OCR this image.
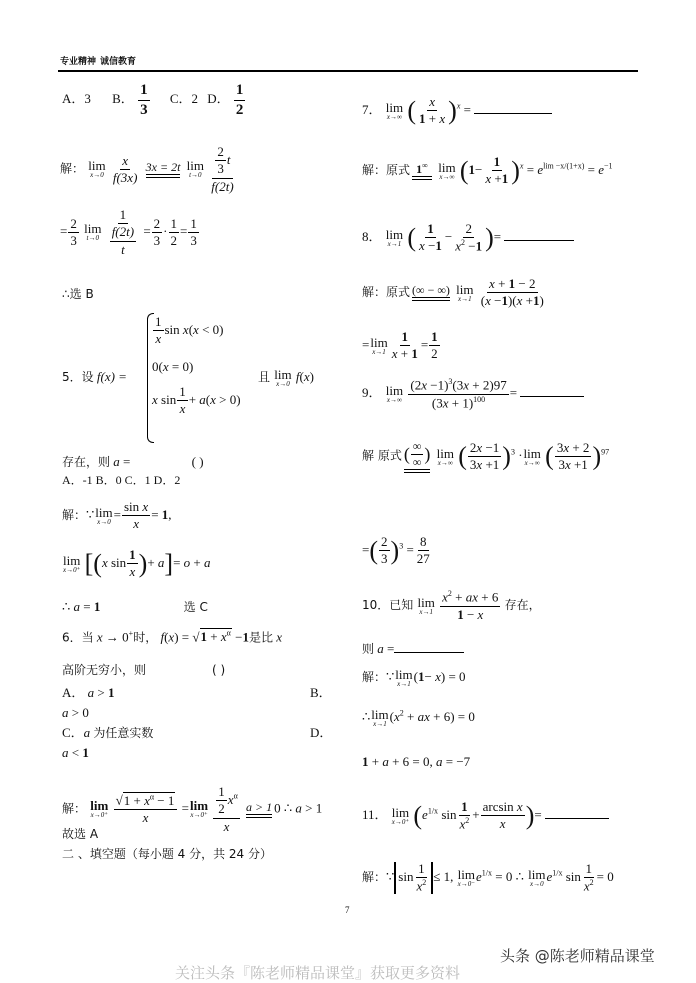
专业精神 诚信教育
A．3 B． $\frac{1}{3}$ C．2 D． $\frac{1}{2}$
解： lim
x→0
$\frac{x}{f(3x)}$
3x = 2t
lim
t→0
$\frac{\frac{2}{3} t}{f(2t)}$
= $\frac{2}{3}$
lim
t→0
$\frac{1}{\frac{f(2t)}{t}} = \frac{2}{3} \cdot \frac{1}{2} = \frac{1}{3}$
∴选 B
5．设 f(x) =
$\frac{1}{x}$ sin x(x < 0)
0(x = 0)
x $\sin \frac{1}{x} + a(x > 0)$
且 lim
x→0
f(x)
存在，则 a =	( )
A．-1 B．0 C．1 D．2
解：∵ lim
x→0
= $\frac{\text{sin x}}{x} = 1$,
lim
x→0⁺ [(x $\sin \frac{1}{x}$ )+ a]= o + a
∴ a = 1	选 C
6．当 x → 0+时， $f(x) = √1 + x^\alpha -1$是比 x
高阶无穷小，则	( )
A． a > 1	B．
a > 0
C．a 为任意实数	D．
a < 1
解： lim
x→0⁺
$\frac{√1 + x^\alpha - 1}{x} = \lim$
x→0⁺
$\frac{\frac{1}{2} x^\alpha}{x}$
a > 1 0 ∴ a > 1
故选 A
二 、填空题（每小题 4 分，共 24 分）
7． lim
x→∞ ( $\frac{x}{1 + x} )^x$ =
解：原式 1∞
lim
x→∞ $(1- \frac{1}{x +1} )^x = e^{lim -x/(1+x)} = e^{-1}$
8． lim
x→1 ( $\frac{1}{x -1} - \frac{2}{x^2 -1}$ )=
解：原式 (∞ − ∞)
lim
x→1
$\frac{x + 1 - 2}{(x -1)(x +1)}$
= lim
$x\to 1 \frac{1}{x + 1} = \frac{1}{2}$
9． lim
x→∞
$\frac{(2x -1)^3(3x + 2)97}{(3x + 1)^{100}}$ =
解 原式 ( $\frac{\infty}{\infty}$ )
lim
x→∞ ( $\frac{2x -1}{3x +1} )^3 \cdot \lim$
x→∞ ( $\frac{3x + 2}{3x +1} )^{97}$
=( $\frac{2}{3} )^3 = \frac{8}{27}$
10．已知 lim
x→1
$\frac{x^2 + ax + 6}{1 - x}$ 存在，
则 a =
解：∵ lim
x→1
(1− x) = 0
∴ lim
x→1
($x^2$ + ax + 6) = 0
1 + a + 6 = 0, a = −7
11． lim
x→0⁺ ($e^{1/x}$ $\sin \frac{1}{x^2} + \frac{\text{arcsin x}}{x}$ )=
解：∵ $\sin \frac{1}{x^2} \le 1$, lim
x→0⁻
$e^{1/x} = 0$ ∴ lim
x→0
$e^{1/x}$ $\sin \frac{1}{x^2} = 0$
7
头条 @陈老师精品课堂
关注头条『陈老师精品课堂』获取更多资料
